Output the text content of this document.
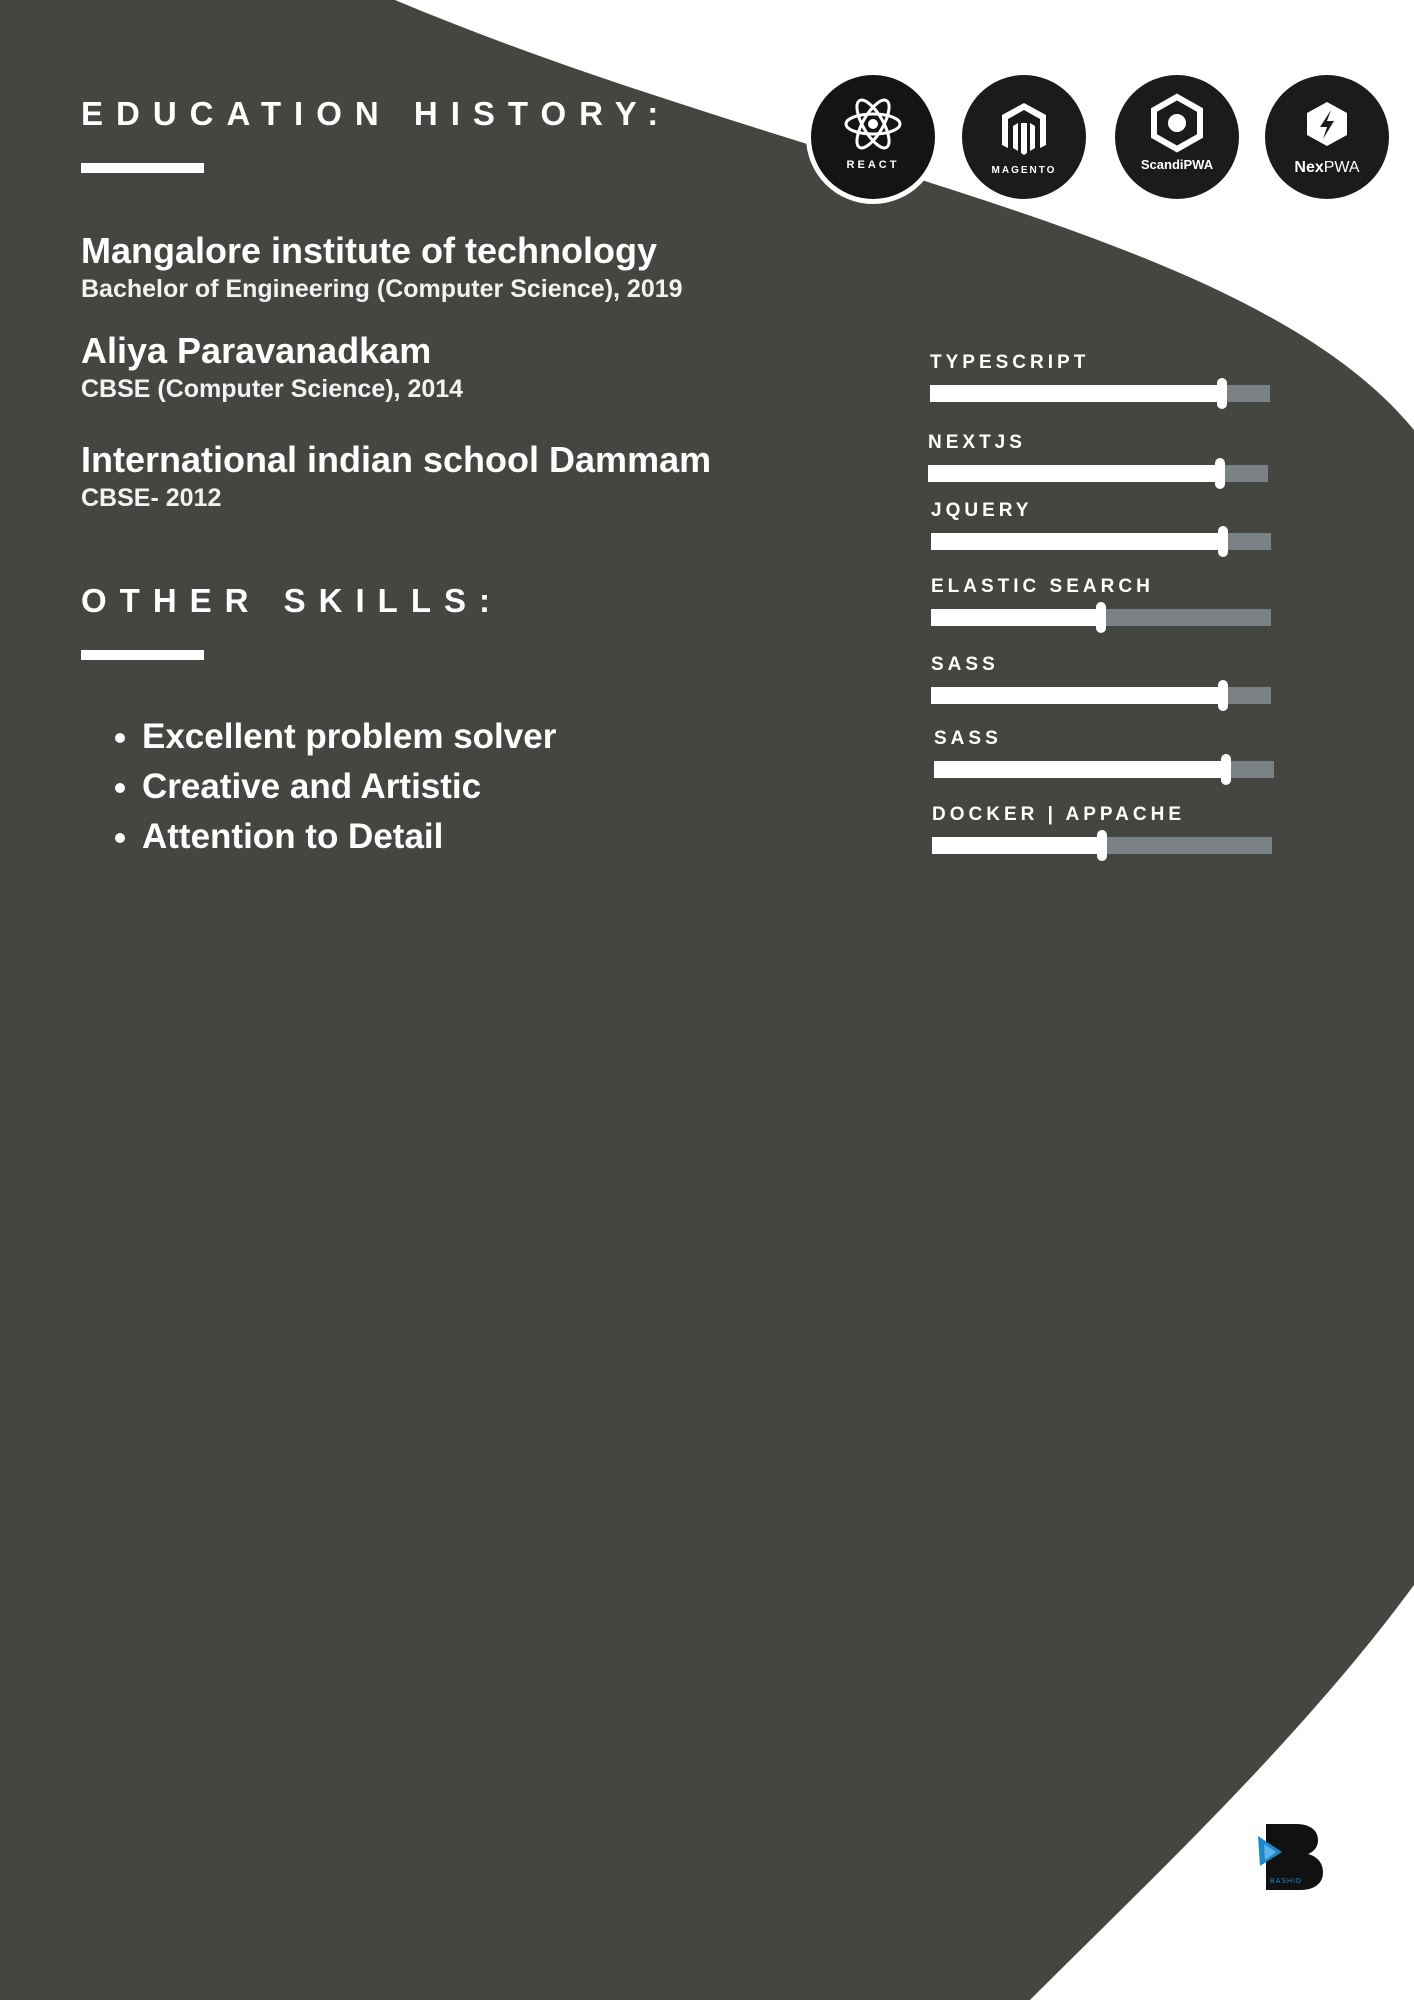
EDUCATION HISTORY:
Mangalore institute of technology
Bachelor of Engineering (Computer Science), 2019
Aliya Paravanadkam
CBSE (Computer Science), 2014
International indian school Dammam
CBSE- 2012
OTHER SKILLS:
• Excellent problem solver
• Creative and Artistic
• Attention to Detail
REACT	MAGENTO	ScandiPWA	NexPWA
TYPESCRIPT
NEXTJS
JQUERY
ELASTIC SEARCH
SASS
SASS
DOCKER | APPACHE
BASHID
